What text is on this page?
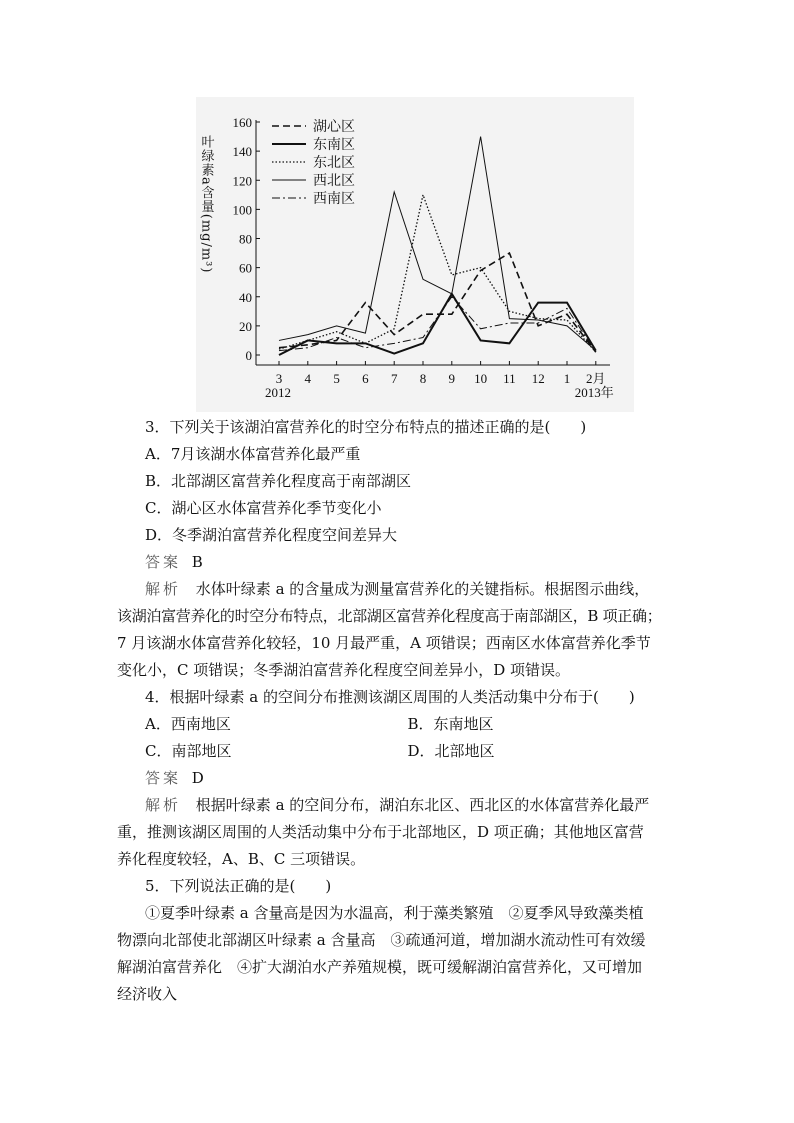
0
20
40
60
80
100
120
140
160
3 4 5 6 7 8 9 10 11 12 1 2月
2012	2013年
叶绿素a含量(mg/m³)
湖心区
东南区
东北区
西北区
西南区
3．下列关于该湖泊富营养化的时空分布特点的描述正确的是(　　)
A．7月该湖水体富营养化最严重
B．北部湖区富营养化程度高于南部湖区
C．湖心区水体富营养化季节变化小
D．冬季湖泊富营养化程度空间差异大
答案 B
解析 水体叶绿素 a 的含量成为测量富营养化的关键指标。根据图示曲线，
该湖泊富营养化的时空分布特点，北部湖区富营养化程度高于南部湖区，B 项正确；
7 月该湖水体富营养化较轻，10 月最严重，A 项错误；西南区水体富营养化季节
变化小，C 项错误；冬季湖泊富营养化程度空间差异小，D 项错误。
4．根据叶绿素 a 的空间分布推测该湖区周围的人类活动集中分布于(　　)
A．西南地区	B．东南地区
C．南部地区	D．北部地区
答案 D
解析 根据叶绿素 a 的空间分布，湖泊东北区、西北区的水体富营养化最严
重，推测该湖区周围的人类活动集中分布于北部地区，D 项正确；其他地区富营
养化程度较轻，A、B、C 三项错误。
5．下列说法正确的是(　　)
①夏季叶绿素 a 含量高是因为水温高，利于藻类繁殖　②夏季风导致藻类植
物漂向北部使北部湖区叶绿素 a 含量高　③疏通河道，增加湖水流动性可有效缓
解湖泊富营养化　④扩大湖泊水产养殖规模，既可缓解湖泊富营养化，又可增加
经济收入
